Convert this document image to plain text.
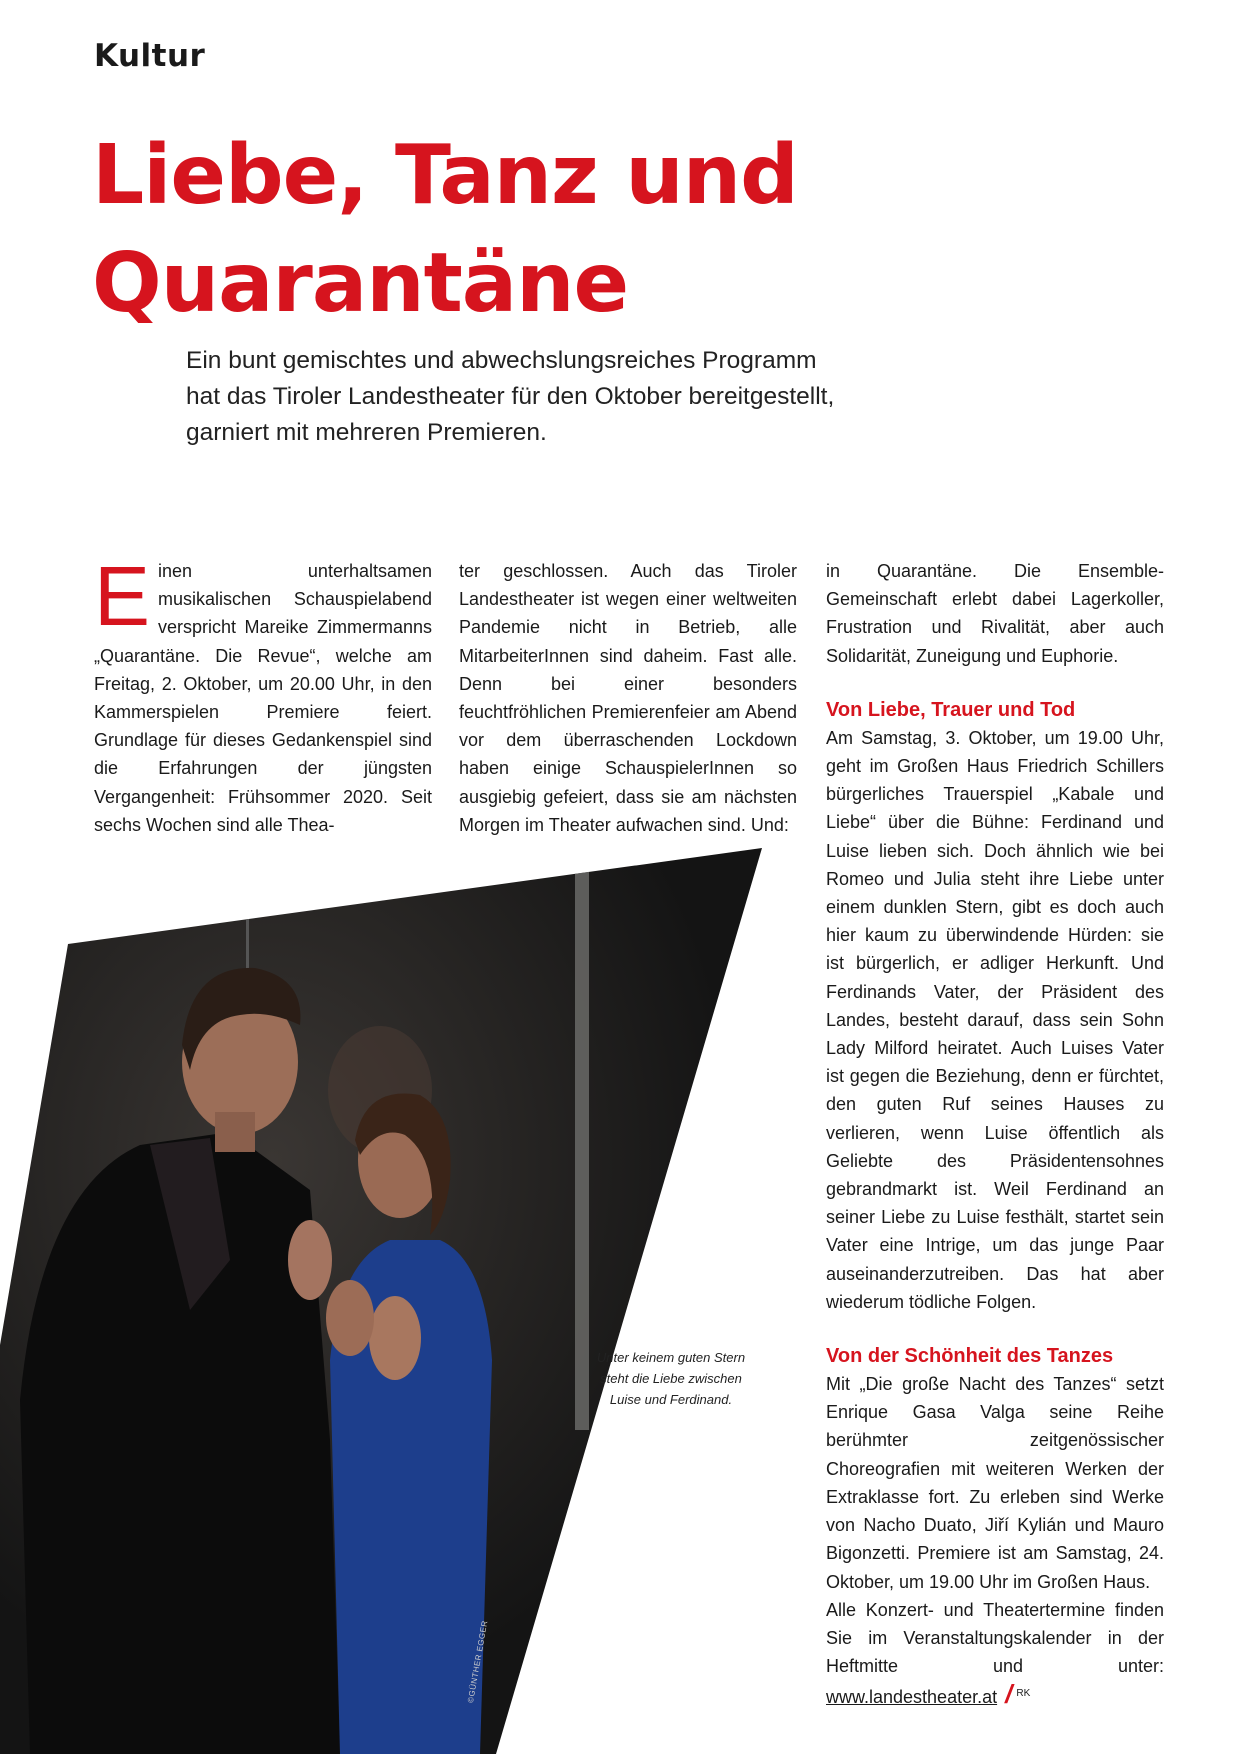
Kultur
Liebe, Tanz und
Quarantäne
Ein bunt gemischtes und abwechslungsreiches Programm
hat das Tiroler Landestheater für den Oktober bereitgestellt,
garniert mit mehreren Premieren.
E inen unterhaltsamen musikalischen Schauspielabend verspricht Mareike Zimmermanns „Quarantäne. Die Revue“, welche am Freitag, 2. Oktober, um 20.00 Uhr, in den Kammerspielen Premiere feiert. Grundlage für dieses Gedankenspiel sind die Erfahrungen der jüngsten Vergangenheit: Frühsommer 2020. Seit sechs Wochen sind alle Thea-

ter geschlossen. Auch das Tiroler Landestheater ist wegen einer weltweiten Pandemie nicht in Betrieb, alle MitarbeiterInnen sind daheim. Fast alle. Denn bei einer besonders feuchtfröhlichen Premierenfeier am Abend vor dem überraschenden Lockdown haben einige SchauspielerInnen so ausgiebig gefeiert, dass sie am nächsten Morgen im Theater aufwachen sind. Und:

in Quarantäne. Die Ensemble-Gemeinschaft erlebt dabei Lagerkoller, Frustration und Rivalität, aber auch Solidarität, Zuneigung und Euphorie.

Von Liebe, Trauer und Tod

Am Samstag, 3. Oktober, um 19.00 Uhr, geht im Großen Haus Friedrich Schillers bürgerliches Trauerspiel „Kabale und Liebe“ über die Bühne: Ferdinand und Luise lieben sich. Doch ähnlich wie bei Romeo und Julia steht ihre Liebe unter einem dunklen Stern, gibt es doch auch hier kaum zu überwindende Hürden: sie ist bürgerlich, er adliger Herkunft. Und Ferdinands Vater, der Präsident des Landes, besteht darauf, dass sein Sohn Lady Milford heiratet. Auch Luises Vater ist gegen die Beziehung, denn er fürchtet, den guten Ruf seines Hauses zu verlieren, wenn Luise öffentlich als Geliebte des Präsidentensohnes gebrandmarkt ist. Weil Ferdinand an seiner Liebe zu Luise festhält, startet sein Vater eine Intrige, um das junge Paar auseinanderzutreiben. Das hat aber wiederum tödliche Folgen.

Von der Schönheit des Tanzes

Mit „Die große Nacht des Tanzes“ setzt Enrique Gasa Valga seine Reihe berühmter zeitgenössischer Choreografien mit weiteren Werken der Extraklasse fort. Zu erleben sind Werke von Nacho Duato, Jiří Kylián und Mauro Bigonzetti. Premiere ist am Samstag, 24. Oktober, um 19.00 Uhr im Großen Haus.

Alle Konzert- und Theatertermine finden Sie im Veranstaltungskalender in der Heftmitte und unter: www.landestheater.at / $^{RK}$

Unter keinem guten Stern steht die Liebe zwischen Luise und Ferdinand.
©GÜNTHER EGGER
